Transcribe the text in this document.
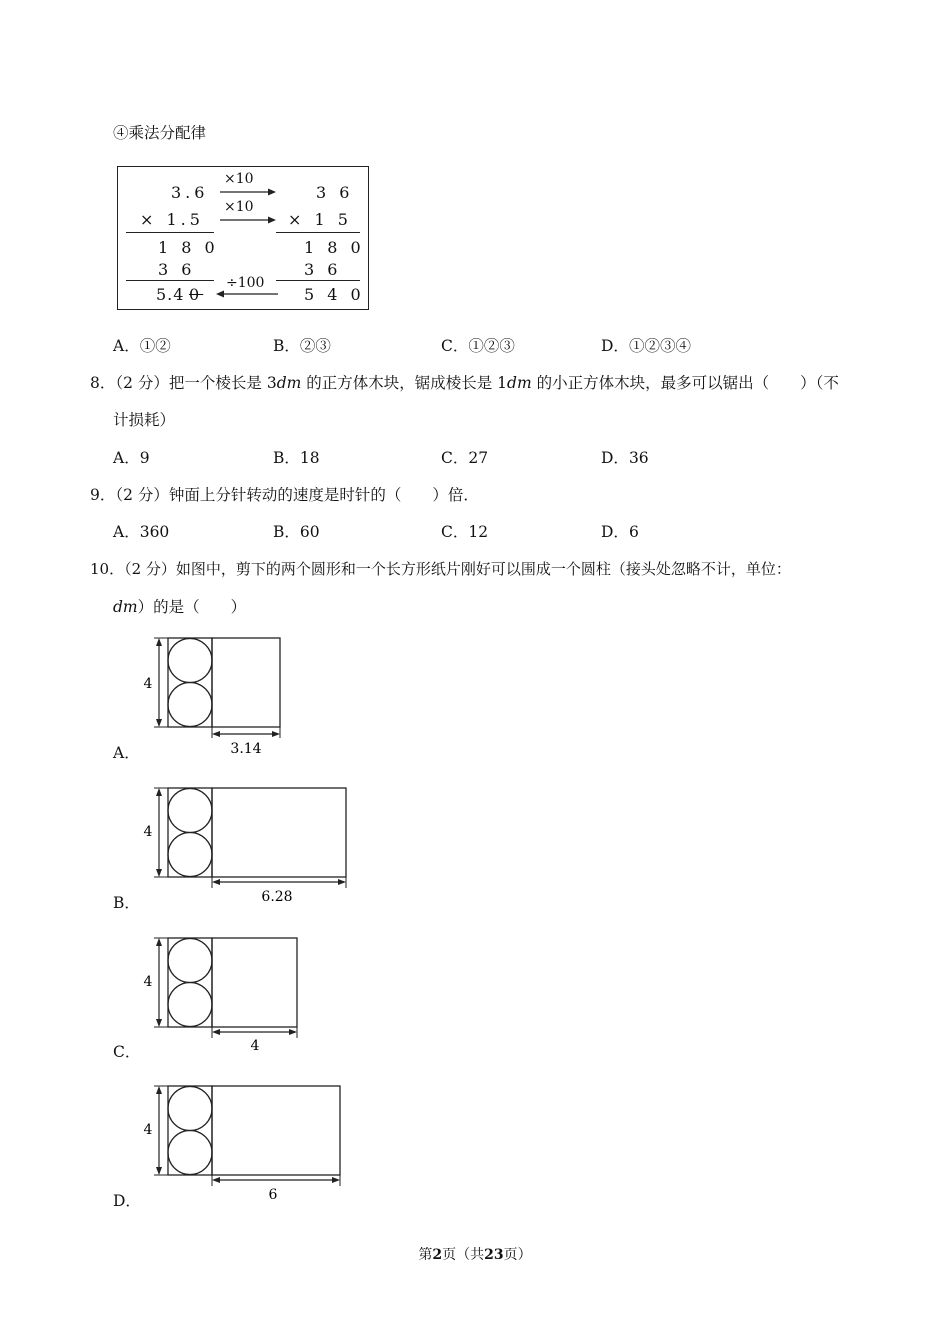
④乘法分配律
3.6
× 1.5
1 8 0
3 6
5.4 0
×10
×10
÷100
3 6
× 1 5
1 8 0
3 6
5 4 0
A．①②	B．②③	C．①②③	D．①②③④
8．（2 分）把一个棱长是 3dm 的正方体木块，锯成棱长是 1dm 的小正方体木块，最多可以锯出（　　）（不
计损耗）
A．9	B．18	C．27	D．36
9．（2 分）钟面上分针转动的速度是时针的（　　）倍．
A．360	B．60	C．12	D．6
10．（2 分）如图中，剪下的两个圆形和一个长方形纸片刚好可以围成一个圆柱（接头处忽略不计，单位：
dm）的是（　　）
A．
4
3.14
B．
4
6.28
C．
4
4
D．
4
6
第2页（共23页）
